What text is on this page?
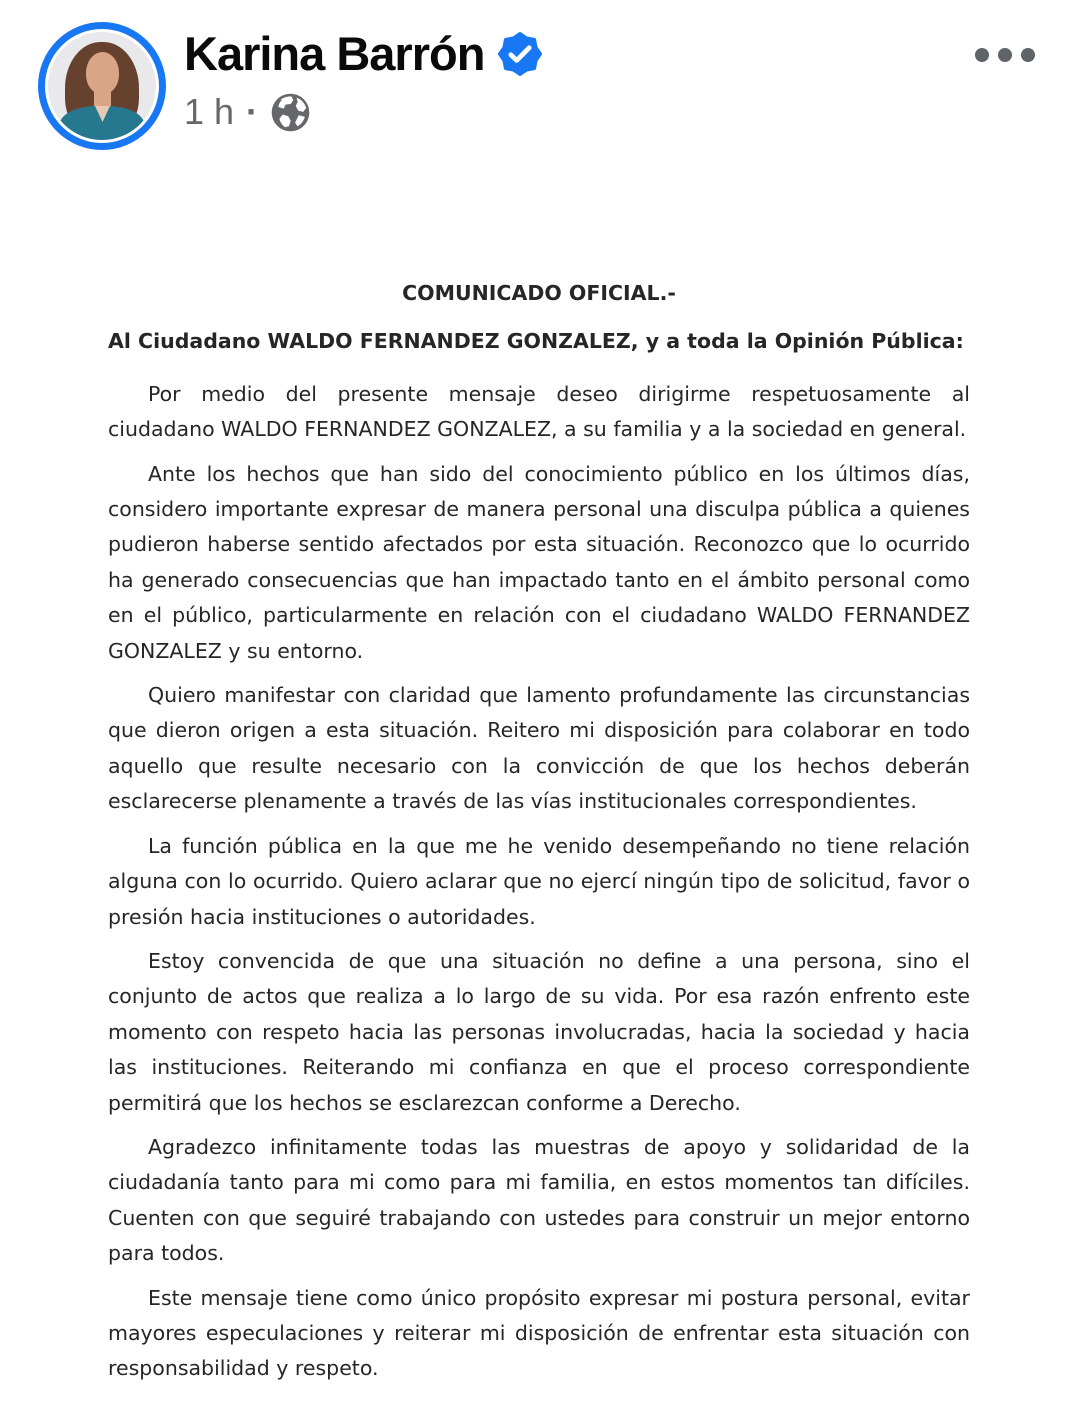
Karina Barrón
1 h ·
COMUNICADO OFICIAL.-
Al Ciudadano WALDO FERNANDEZ GONZALEZ, y a toda la Opinión Pública:

Por medio del presente mensaje deseo dirigirme respetuosamente al ciudadano WALDO FERNANDEZ GONZALEZ, a su familia y a la sociedad en general.

Ante los hechos que han sido del conocimiento público en los últimos días, considero importante expresar de manera personal una disculpa pública a quienes pudieron haberse sentido afectados por esta situación. Reconozco que lo ocurrido ha generado consecuencias que han impactado tanto en el ámbito personal como en el público, particularmente en relación con el ciudadano WALDO FERNANDEZ GONZALEZ y su entorno.

Quiero manifestar con claridad que lamento profundamente las circunstancias que dieron origen a esta situación. Reitero mi disposición para colaborar en todo aquello que resulte necesario con la convicción de que los hechos deberán esclarecerse plenamente a través de las vías institucionales correspondientes.

La función pública en la que me he venido desempeñando no tiene relación alguna con lo ocurrido. Quiero aclarar que no ejercí ningún tipo de solicitud, favor o presión hacia instituciones o autoridades.

Estoy convencida de que una situación no define a una persona, sino el conjunto de actos que realiza a lo largo de su vida. Por esa razón enfrento este momento con respeto hacia las personas involucradas, hacia la sociedad y hacia las instituciones. Reiterando mi confianza en que el proceso correspondiente permitirá que los hechos se esclarezcan conforme a Derecho.

Agradezco infinitamente todas las muestras de apoyo y solidaridad de la ciudadanía tanto para mi como para mi familia, en estos momentos tan difíciles. Cuenten con que seguiré trabajando con ustedes para construir un mejor entorno para todos.

Este mensaje tiene como único propósito expresar mi postura personal, evitar mayores especulaciones y reiterar mi disposición de enfrentar esta situación con responsabilidad y respeto.
